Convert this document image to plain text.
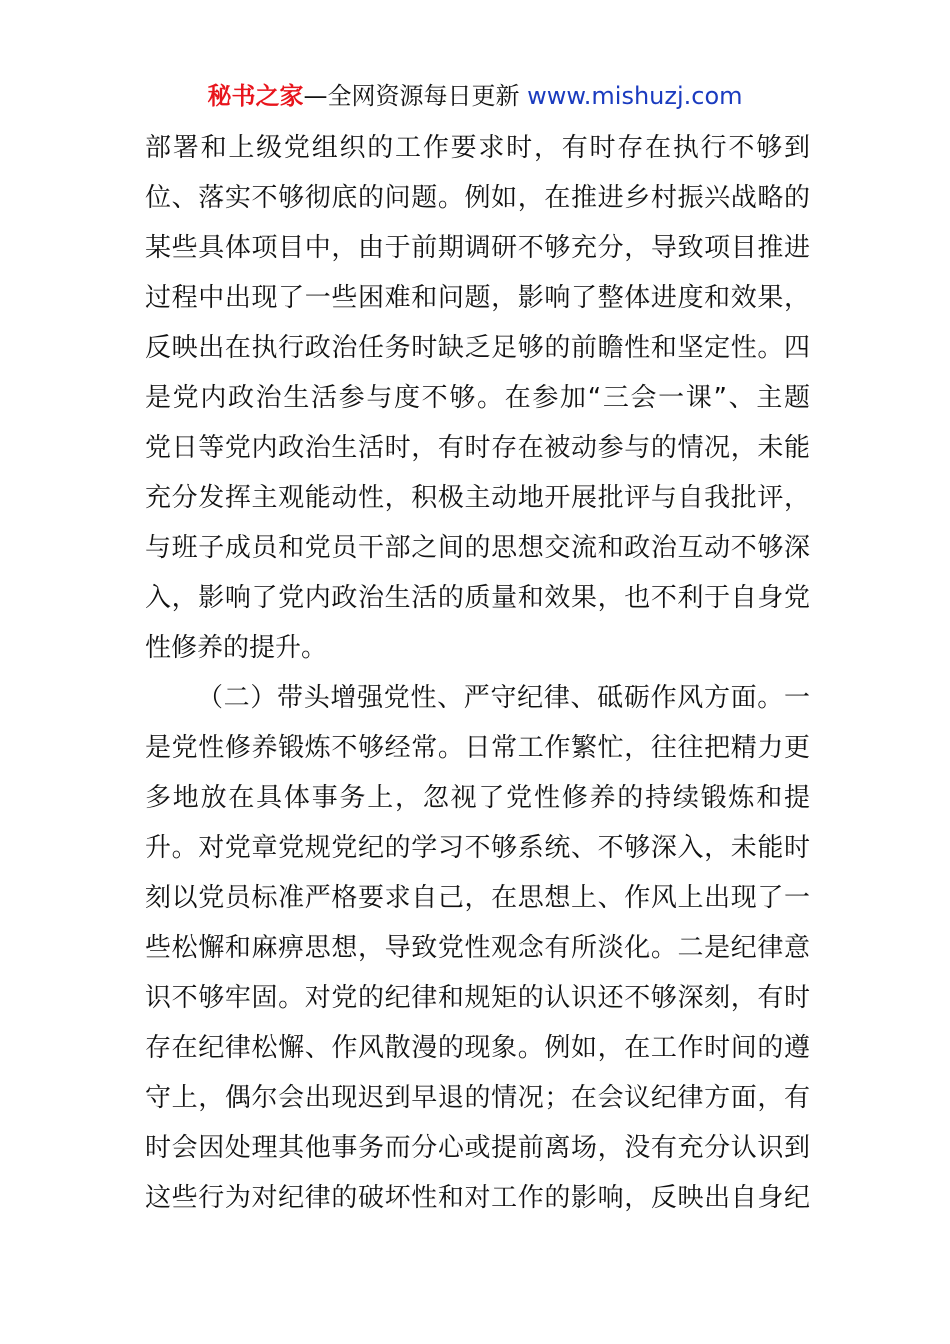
秘书之家—全网资源每日更新 www.mishuzj.com
部署和上级党组织的工作要求时，有时存在执行不够到
位、落实不够彻底的问题。例如，在推进乡村振兴战略的
某些具体项目中，由于前期调研不够充分，导致项目推进
过程中出现了一些困难和问题，影响了整体进度和效果，
反映出在执行政治任务时缺乏足够的前瞻性和坚定性。四
是党内政治生活参与度不够。在参加“三会一课”、主题
党日等党内政治生活时，有时存在被动参与的情况，未能
充分发挥主观能动性，积极主动地开展批评与自我批评，
与班子成员和党员干部之间的思想交流和政治互动不够深
入，影响了党内政治生活的质量和效果，也不利于自身党
性修养的提升。
（二）带头增强党性、严守纪律、砥砺作风方面。一
是党性修养锻炼不够经常。日常工作繁忙，往往把精力更
多地放在具体事务上，忽视了党性修养的持续锻炼和提
升。对党章党规党纪的学习不够系统、不够深入，未能时
刻以党员标准严格要求自己，在思想上、作风上出现了一
些松懈和麻痹思想，导致党性观念有所淡化。二是纪律意
识不够牢固。对党的纪律和规矩的认识还不够深刻，有时
存在纪律松懈、作风散漫的现象。例如，在工作时间的遵
守上，偶尔会出现迟到早退的情况；在会议纪律方面，有
时会因处理其他事务而分心或提前离场，没有充分认识到
这些行为对纪律的破坏性和对工作的影响，反映出自身纪
